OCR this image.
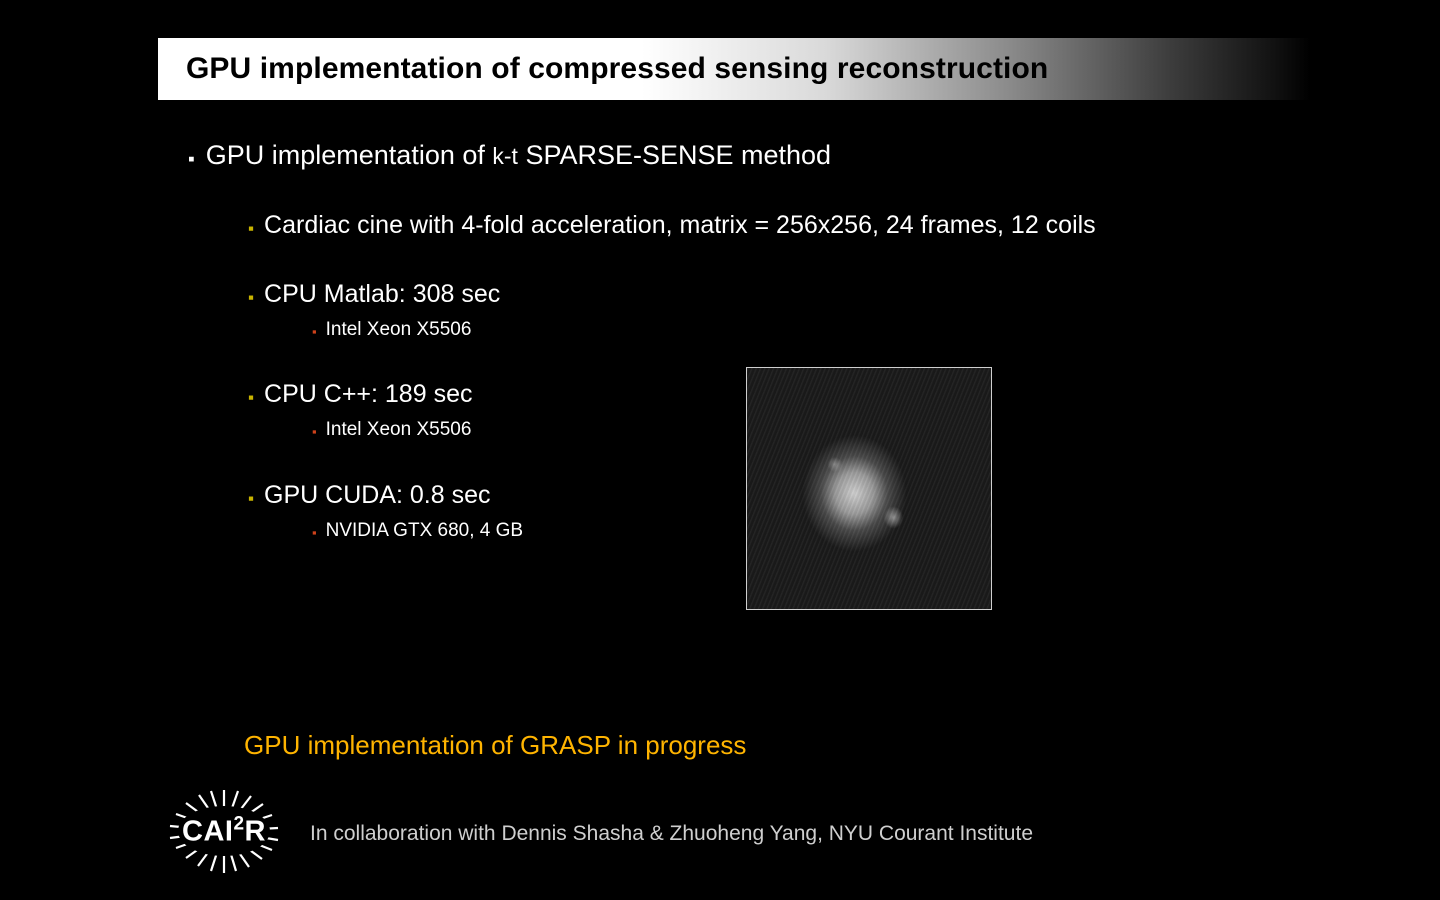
GPU implementation of compressed sensing reconstruction
▪ GPU implementation of k-t SPARSE-SENSE method
▪ Cardiac cine with 4-fold acceleration, matrix = 256x256, 24 frames, 12 coils
▪ CPU Matlab: 308 sec
▪ Intel Xeon X5506
▪ CPU C++: 189 sec
▪ Intel Xeon X5506
▪ GPU CUDA: 0.8 sec
▪ NVIDIA GTX 680, 4 GB
GPU implementation of GRASP in progress
CAI$^2$R In collaboration with Dennis Shasha & Zhuoheng Yang, NYU Courant Institute
